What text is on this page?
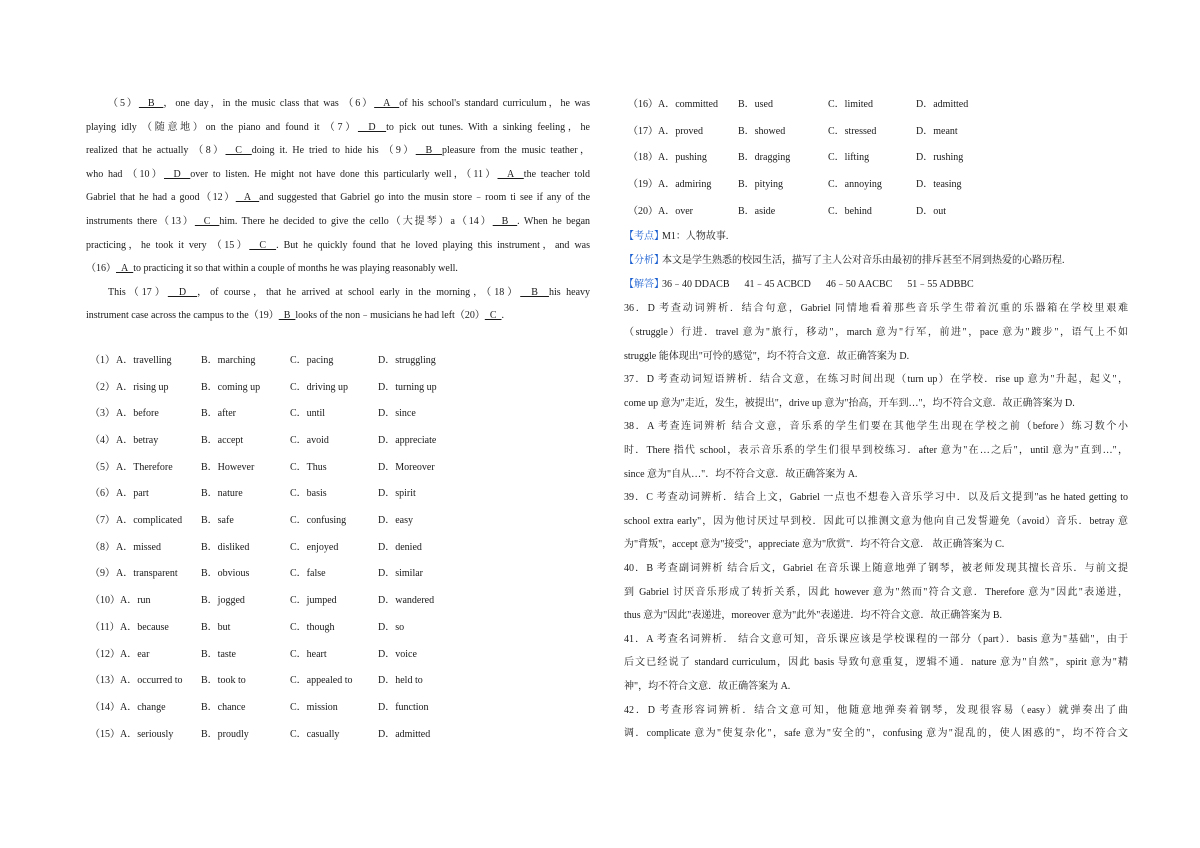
（5）  B  ，one day，in the music class that was （6）  A  of his school's standard curriculum，he was
playing idly （随意地）on the piano and found it （7）  D  to pick out tunes. With a sinking feeling，he
realized that he actually （8）  C  doing it. He tried to hide his （9）  B  pleasure from the music teather，
who had （10）  D  over to listen. He might not have done this particularly well，（11）  A  the teacher told
Gabriel that he had a good（12）  A  and suggested that Gabriel go into the musin store﹣room ti see if any of the
instruments there（13）  C  him. There he decided to give the cello（大提琴）a（14）  B  . When he began
practicing，he took it very （15）  C  . But he quickly found that he loved playing this instrument，and was
（16）  A  to practicing it so that within a couple of months he was playing reasonably well.
This（17）  D  ，of course，that he arrived at school early in the morning，（18）  B  his heavy
instrument case across the campus to the（19）  B  looks of the non﹣musicians he had left（20）  C  .
（1） A．travelling	B．marching	C．pacing	D．struggling
（2） A．rising up	B．coming up	C．driving up	D．turning up
（3） A．before	B．after	C．until	D．since
（4） A．betray	B．accept	C．avoid	D．appreciate
（5） A．Therefore	B．However	C．Thus	D．Moreover
（6） A．part	B．nature	C．basis	D．spirit
（7） A．complicated B．safe	C．confusing	D．easy
（8） A．missed	B．disliked	C．enjoyed	D．denied
（9） A．transparent B．obvious	C．false	D．similar
（10） A．run	B．jogged	C．jumped	D．wandered
（11） A．because	B．but	C．though	D．so
（12） A．ear	B．taste	C．heart	D．voice
（13） A．occurred to B．took to	C．appealed to	D．held to
（14） A．change	B．chance	C．mission	D．function
（15） A．seriously	B．proudly	C．casually	D．admitted
（16） A．committed B．used	C．limited	D．admitted
（17） A．proved	B．showed	C．stressed	D．meant
（18） A．pushing	B．dragging	C．lifting	D．rushing
（19） A．admiring	B．pitying	C．annoying	D．teasing
（20） A．over	B．aside	C．behind	D．out
【考点】
M1：人物故事.
【分析】
本文是学生熟悉的校园生活，描写了主人公对音乐由最初的排斥甚至不屑到热爱的心路历程.
【解答】
36﹣40 DDACB      41﹣45 ACBCD      46﹣50 AACBC      51﹣55 ADBBC
36．D 考查动词辨析．结合句意，Gabriel 同情地看着那些音乐学生带着沉重的乐器箱在学校里艰难
（struggle）行进．travel 意为"旅行，移动"，march 意为"行军，前进"，pace 意为"踱步"，语气上不如
struggle 能体现出"可怜的感觉"，均不符合文意．故正确答案为 D.
37．D 考查动词短语辨析．结合文意，在练习时间出现（turn up）在学校．rise up 意为"升起，起义"，
come up 意为"走近，发生，被提出"，drive up 意为"抬高，开车到…"，均不符合文意．故正确答案为 D.
38．A 考查连词辨析 结合文意，音乐系的学生们要在其他学生出现在学校之前（before）练习数个小
时．There 指代 school，表示音乐系的学生们很早到校练习．after 意为"在…之后"，until 意为"直到…"，
since 意为"自从…"．均不符合文意．故正确答案为 A.
39．C 考查动词辨析．结合上文，Gabriel 一点也不想卷入音乐学习中．以及后文提到"as he hated getting to
school extra early"，因为他讨厌过早到校．因此可以推测文意为他向自己发誓避免（avoid）音乐．betray 意
为"背叛"，accept 意为"接受"，appreciate 意为"欣赏"．均不符合文意． 故正确答案为 C.
40．B 考查副词辨析 结合后文，Gabriel 在音乐课上随意地弹了钢琴，被老师发现其擅长音乐．与前文提
到 Gabriel 讨厌音乐形成了转折关系，因此 however 意为"然而"符合文意．Therefore 意为"因此"表递进，
thus 意为"因此"表递进，moreover 意为"此外"表递进．均不符合文意．故正确答案为 B.
41．A 考查名词辨析． 结合文意可知，音乐课应该是学校课程的一部分（part）．basis 意为"基础"，由于
后文已经说了 standard curriculum，因此 basis 导致句意重复，逻辑不通．nature 意为"自然"，spirit 意为"精
神"，均不符合文意．故正确答案为 A.
42．D 考查形容词辨析．结合文意可知，他随意地弹奏着钢琴，发现很容易（easy）就弹奏出了曲
调．complicate 意为"使复杂化"，safe 意为"安全的"，confusing 意为"混乱的，使人困惑的"，均不符合文
